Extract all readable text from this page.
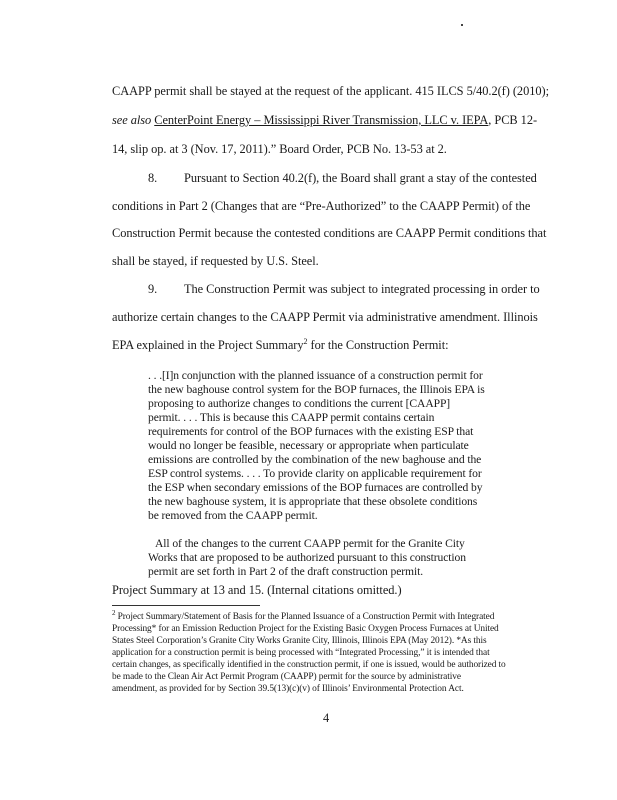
CAAPP permit shall be stayed at the request of the applicant. 415 ILCS 5/40.2(f) (2010);
see also CenterPoint Energy – Mississippi River Transmission, LLC v. IEPA, PCB 12-
14, slip op. at 3 (Nov. 17, 2011).” Board Order, PCB No. 13-53 at 2.
8. Pursuant to Section 40.2(f), the Board shall grant a stay of the contested
conditions in Part 2 (Changes that are “Pre-Authorized” to the CAAPP Permit) of the
Construction Permit because the contested conditions are CAAPP Permit conditions that
shall be stayed, if requested by U.S. Steel.
9. The Construction Permit was subject to integrated processing in order to
authorize certain changes to the CAAPP Permit via administrative amendment. Illinois
EPA explained in the Project Summary$^2$ for the Construction Permit:
. . .[I]n conjunction with the planned issuance of a construction permit for
the new baghouse control system for the BOP furnaces, the Illinois EPA is
proposing to authorize changes to conditions the current [CAAPP]
permit. . . . This is because this CAAPP permit contains certain
requirements for control of the BOP furnaces with the existing ESP that
would no longer be feasible, necessary or appropriate when particulate
emissions are controlled by the combination of the new baghouse and the
ESP control systems. . . . To provide clarity on applicable requirement for
the ESP when secondary emissions of the BOP furnaces are controlled by
the new baghouse system, it is appropriate that these obsolete conditions
be removed from the CAAPP permit.
All of the changes to the current CAAPP permit for the Granite City
Works that are proposed to be authorized pursuant to this construction
permit are set forth in Part 2 of the draft construction permit.
Project Summary at 13 and 15. (Internal citations omitted.)
$^2$ Project Summary/Statement of Basis for the Planned Issuance of a Construction Permit with Integrated
Processing* for an Emission Reduction Project for the Existing Basic Oxygen Process Furnaces at United
States Steel Corporation’s Granite City Works Granite City, Illinois, Illinois EPA (May 2012). *As this
application for a construction permit is being processed with “Integrated Processing,” it is intended that
certain changes, as specifically identified in the construction permit, if one is issued, would be authorized to
be made to the Clean Air Act Permit Program (CAAPP) permit for the source by administrative
amendment, as provided for by Section 39.5(13)(c)(v) of Illinois’ Environmental Protection Act.
4
